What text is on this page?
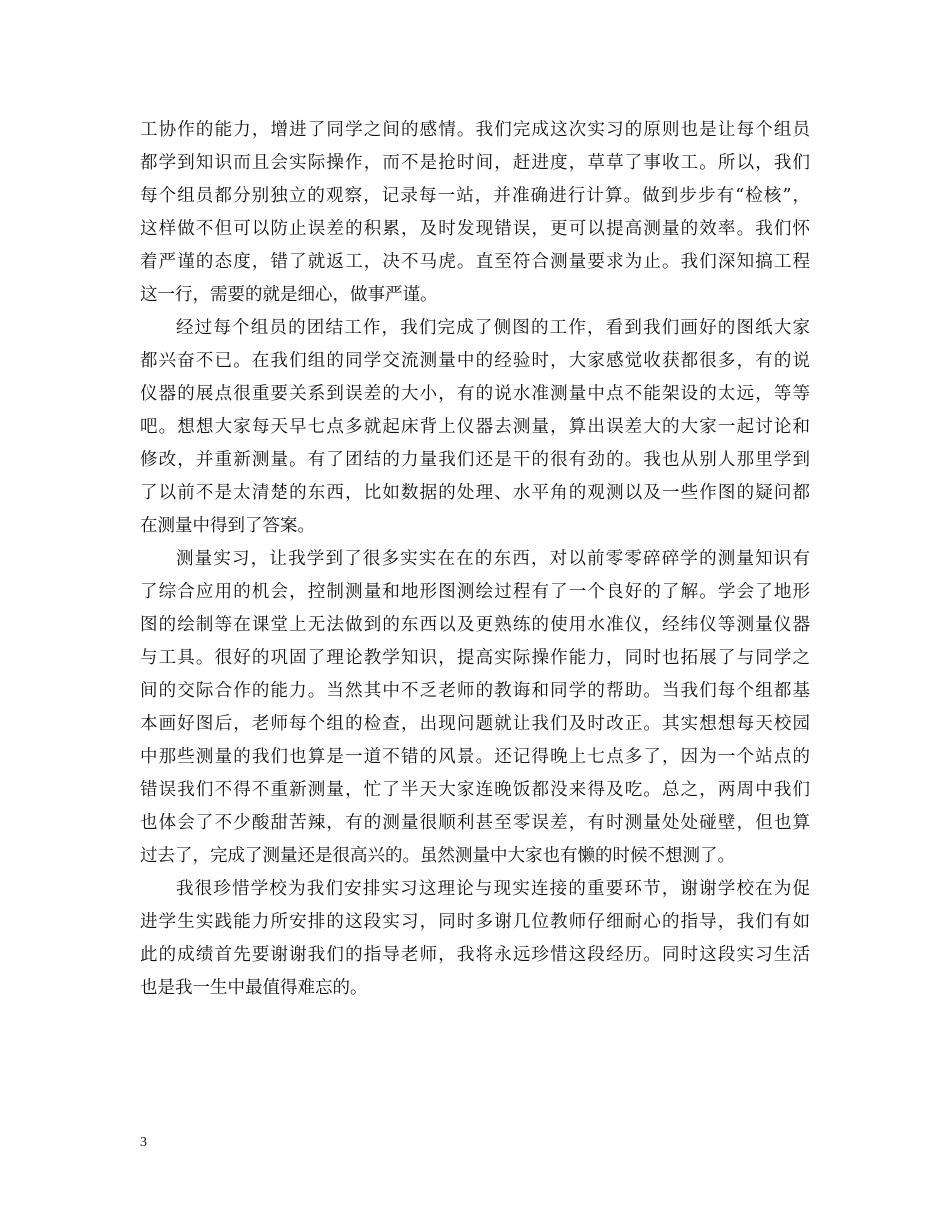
工协作的能力，增进了同学之间的感情。我们完成这次实习的原则也是让每个组员
都学到知识而且会实际操作，而不是抢时间，赶进度，草草了事收工。所以，我们
每个组员都分别独立的观察，记录每一站，并准确进行计算。做到步步有“检核”，
这样做不但可以防止误差的积累，及时发现错误，更可以提高测量的效率。我们怀
着严谨的态度，错了就返工，决不马虎。直至符合测量要求为止。我们深知搞工程
这一行，需要的就是细心，做事严谨。
经过每个组员的团结工作，我们完成了侧图的工作，看到我们画好的图纸大家
都兴奋不已。在我们组的同学交流测量中的经验时，大家感觉收获都很多，有的说
仪器的展点很重要关系到误差的大小，有的说水准测量中点不能架设的太远，等等
吧。想想大家每天早七点多就起床背上仪器去测量，算出误差大的大家一起讨论和
修改，并重新测量。有了团结的力量我们还是干的很有劲的。我也从别人那里学到
了以前不是太清楚的东西，比如数据的处理、水平角的观测以及一些作图的疑问都
在测量中得到了答案。
测量实习，让我学到了很多实实在在的东西，对以前零零碎碎学的测量知识有
了综合应用的机会，控制测量和地形图测绘过程有了一个良好的了解。学会了地形
图的绘制等在课堂上无法做到的东西以及更熟练的使用水准仪，经纬仪等测量仪器
与工具。很好的巩固了理论教学知识，提高实际操作能力，同时也拓展了与同学之
间的交际合作的能力。当然其中不乏老师的教诲和同学的帮助。当我们每个组都基
本画好图后，老师每个组的检查，出现问题就让我们及时改正。其实想想每天校园
中那些测量的我们也算是一道不错的风景。还记得晚上七点多了，因为一个站点的
错误我们不得不重新测量，忙了半天大家连晚饭都没来得及吃。总之，两周中我们
也体会了不少酸甜苦辣，有的测量很顺利甚至零误差，有时测量处处碰壁，但也算
过去了，完成了测量还是很高兴的。虽然测量中大家也有懒的时候不想测了。
我很珍惜学校为我们安排实习这理论与现实连接的重要环节，谢谢学校在为促
进学生实践能力所安排的这段实习，同时多谢几位教师仔细耐心的指导，我们有如
此的成绩首先要谢谢我们的指导老师，我将永远珍惜这段经历。同时这段实习生活
也是我一生中最值得难忘的。
3
